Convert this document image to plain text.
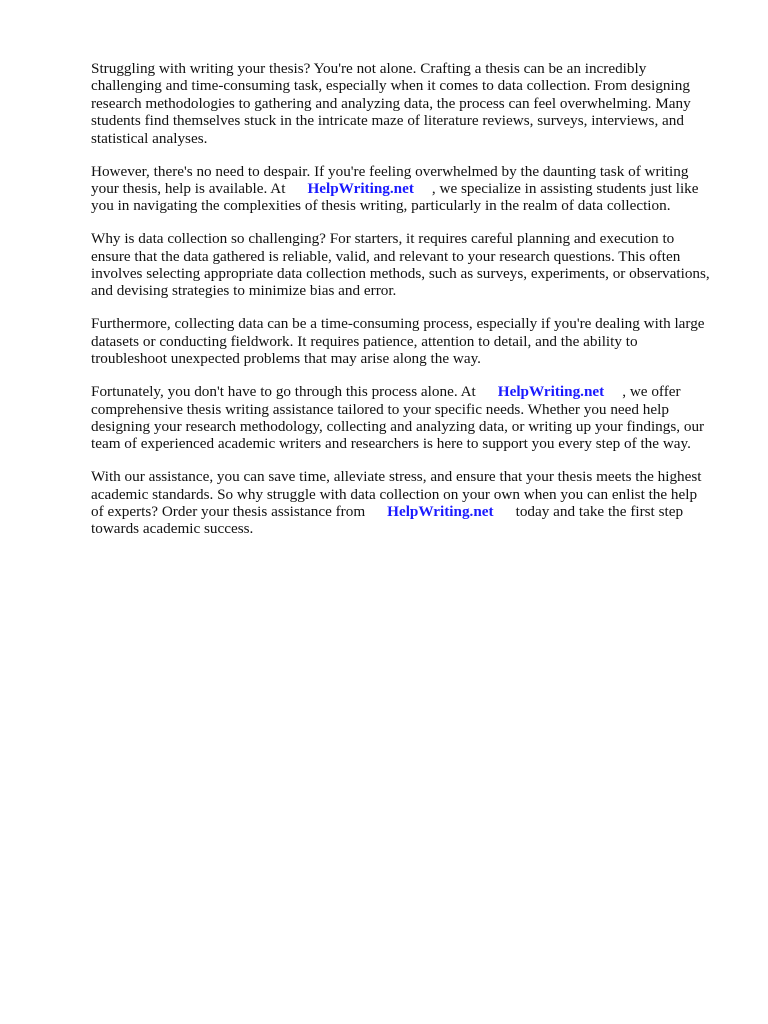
Struggling with writing your thesis? You're not alone. Crafting a thesis can be an incredibly
challenging and time-consuming task, especially when it comes to data collection. From designing
research methodologies to gathering and analyzing data, the process can feel overwhelming. Many
students find themselves stuck in the intricate maze of literature reviews, surveys, interviews, and
statistical analyses.

However, there's no need to despair. If you're feeling overwhelmed by the daunting task of writing
your thesis, help is available. At HelpWriting.net , we specialize in assisting students just like
you in navigating the complexities of thesis writing, particularly in the realm of data collection.

Why is data collection so challenging? For starters, it requires careful planning and execution to
ensure that the data gathered is reliable, valid, and relevant to your research questions. This often
involves selecting appropriate data collection methods, such as surveys, experiments, or observations,
and devising strategies to minimize bias and error.

Furthermore, collecting data can be a time-consuming process, especially if you're dealing with large
datasets or conducting fieldwork. It requires patience, attention to detail, and the ability to
troubleshoot unexpected problems that may arise along the way.

Fortunately, you don't have to go through this process alone. At HelpWriting.net , we offer
comprehensive thesis writing assistance tailored to your specific needs. Whether you need help
designing your research methodology, collecting and analyzing data, or writing up your findings, our
team of experienced academic writers and researchers is here to support you every step of the way.

With our assistance, you can save time, alleviate stress, and ensure that your thesis meets the highest
academic standards. So why struggle with data collection on your own when you can enlist the help
of experts? Order your thesis assistance from HelpWriting.net today and take the first step
towards academic success.
